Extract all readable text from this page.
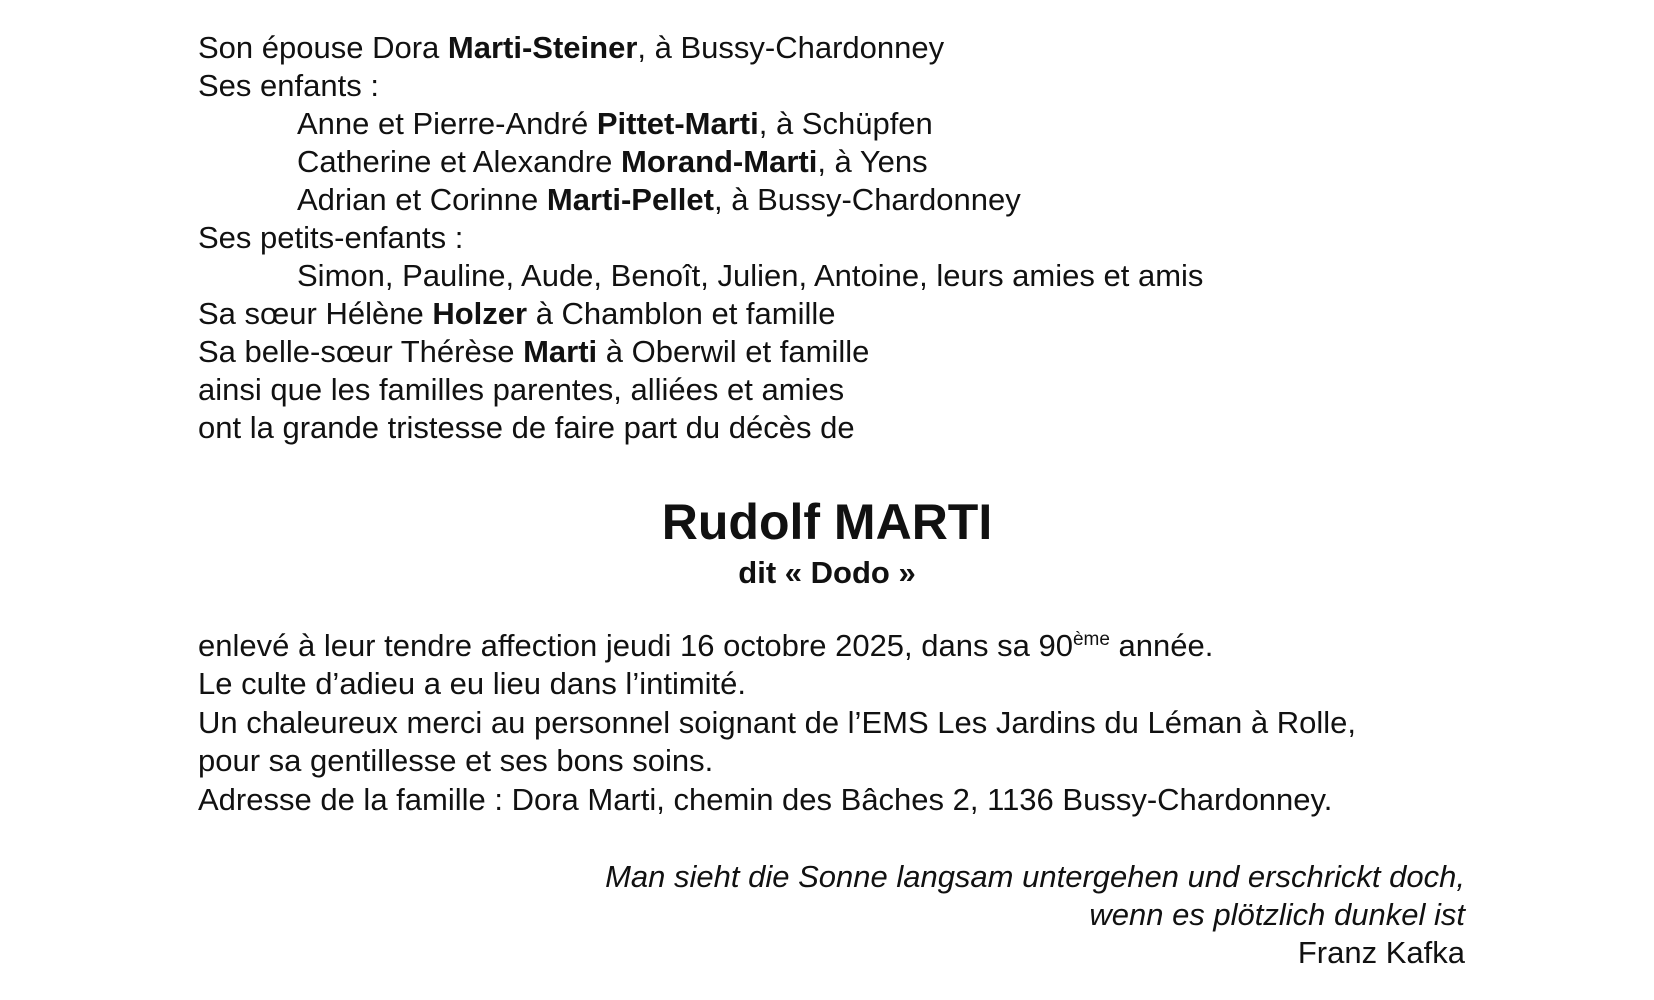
Son épouse Dora Marti-Steiner, à Bussy-Chardonney
Ses enfants :
Anne et Pierre-André Pittet-Marti, à Schüpfen
Catherine et Alexandre Morand-Marti, à Yens
Adrian et Corinne Marti-Pellet, à Bussy-Chardonney
Ses petits-enfants :
Simon, Pauline, Aude, Benoît, Julien, Antoine, leurs amies et amis
Sa sœur Hélène Holzer à Chamblon et famille
Sa belle-sœur Thérèse Marti à Oberwil et famille
ainsi que les familles parentes, alliées et amies
ont la grande tristesse de faire part du décès de
Rudolf MARTI
dit « Dodo »
enlevé à leur tendre affection jeudi 16 octobre 2025, dans sa 90ème année.
Le culte d’adieu a eu lieu dans l’intimité.
Un chaleureux merci au personnel soignant de l’EMS Les Jardins du Léman à Rolle,
pour sa gentillesse et ses bons soins.
Adresse de la famille : Dora Marti, chemin des Bâches 2, 1136 Bussy-Chardonney.
Man sieht die Sonne langsam untergehen und erschrickt doch,
wenn es plötzlich dunkel ist
Franz Kafka
